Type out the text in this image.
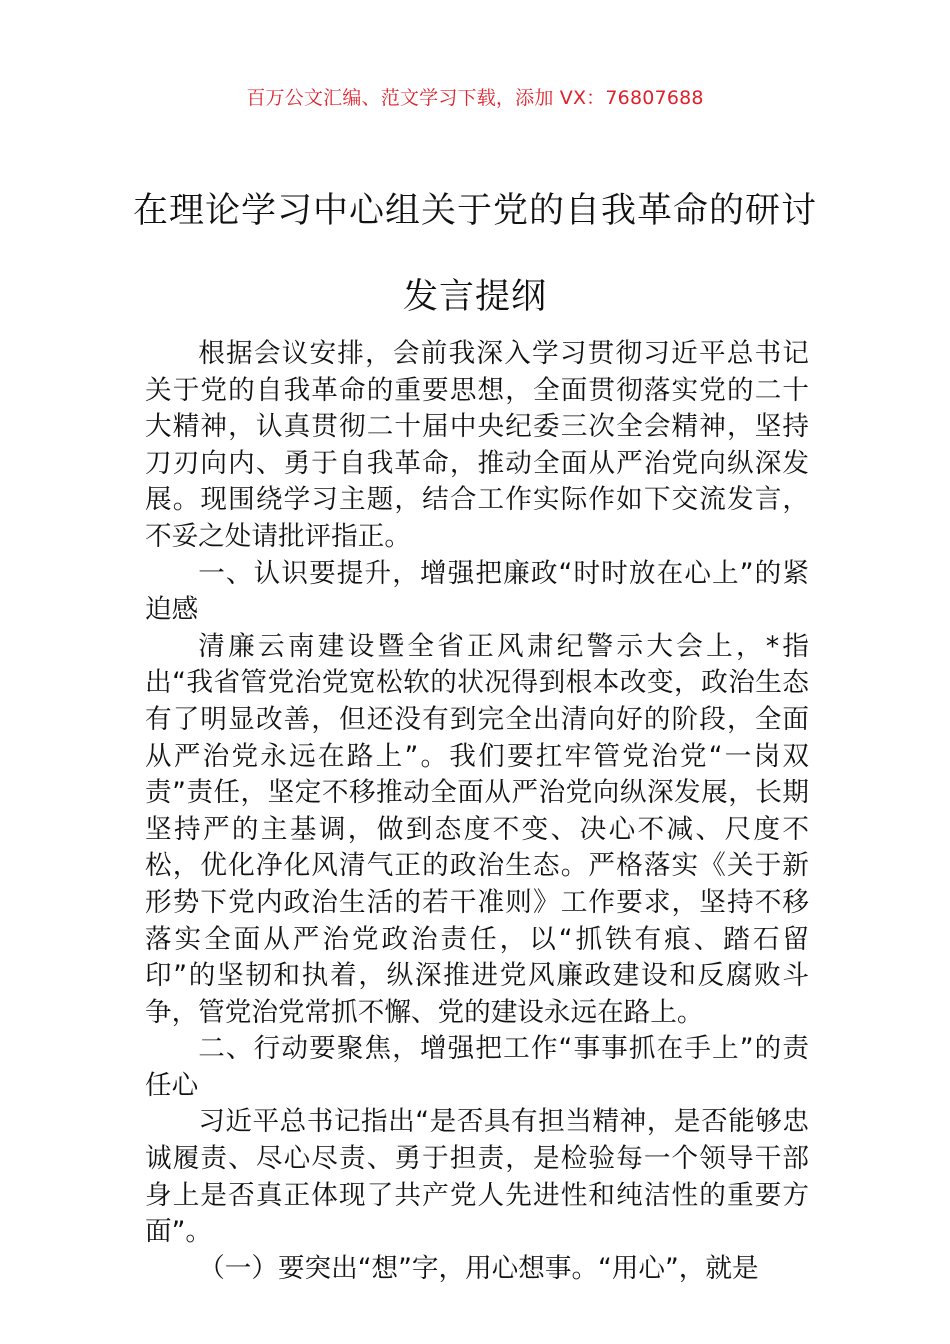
百万公文汇编、范文学习下载，添加 VX：76807688
在理论学习中心组关于党的自我革命的研讨发言提纲

根据会议安排，会前我深入学习贯彻习近平总书记关于党的自我革命的重要思想，全面贯彻落实党的二十大精神，认真贯彻二十届中央纪委三次全会精神，坚持刀刃向内、勇于自我革命，推动全面从严治党向纵深发展。现围绕学习主题，结合工作实际作如下交流发言，不妥之处请批评指正。

一、认识要提升，增强把廉政“时时放在心上”的紧迫感

清廉云南建设暨全省正风肃纪警示大会上，*指出“我省管党治党宽松软的状况得到根本改变，政治生态有了明显改善，但还没有到完全出清向好的阶段，全面从严治党永远在路上”。我们要扛牢管党治党“一岗双责”责任，坚定不移推动全面从严治党向纵深发展，长期坚持严的主基调，做到态度不变、决心不减、尺度不松，优化净化风清气正的政治生态。严格落实《关于新形势下党内政治生活的若干准则》工作要求，坚持不移落实全面从严治党政治责任，以“抓铁有痕、踏石留印”的坚韧和执着，纵深推进党风廉政建设和反腐败斗争，管党治党常抓不懈、党的建设永远在路上。

二、行动要聚焦，增强把工作“事事抓在手上”的责任心

习近平总书记指出“是否具有担当精神，是否能够忠诚履责、尽心尽责、勇于担责，是检验每一个领导干部身上是否真正体现了共产党人先进性和纯洁性的重要方面”。

（一）要突出“想”字，用心想事。“用心”，就是
